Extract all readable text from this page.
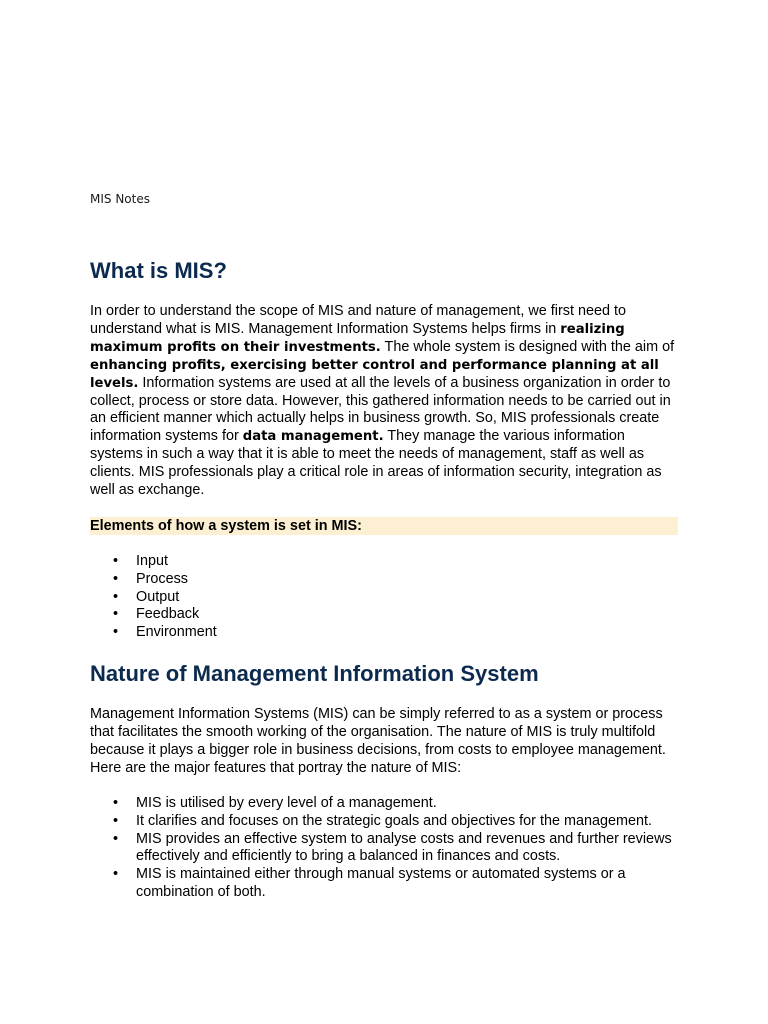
MIS Notes
What is MIS?

In order to understand the scope of MIS and nature of management, we first need to understand what is MIS. Management Information Systems helps firms in realizing maximum profits on their investments. The whole system is designed with the aim of enhancing profits, exercising better control and performance planning at all levels. Information systems are used at all the levels of a business organization in order to collect, process or store data. However, this gathered information needs to be carried out in an efficient manner which actually helps in business growth. So, MIS professionals create information systems for data management. They manage the various information systems in such a way that it is able to meet the needs of management, staff as well as clients. MIS professionals play a critical role in areas of information security, integration as well as exchange.

Elements of how a system is set in MIS:
• Input
• Process
• Output
• Feedback
• Environment
Nature of Management Information System

Management Information Systems (MIS) can be simply referred to as a system or process that facilitates the smooth working of the organisation. The nature of MIS is truly multifold because it plays a bigger role in business decisions, from costs to employee management. Here are the major features that portray the nature of MIS:

• MIS is utilised by every level of a management.
• It clarifies and focuses on the strategic goals and objectives for the management.
• MIS provides an effective system to analyse costs and revenues and further reviews effectively and efficiently to bring a balanced in finances and costs.
• MIS is maintained either through manual systems or automated systems or a combination of both.
